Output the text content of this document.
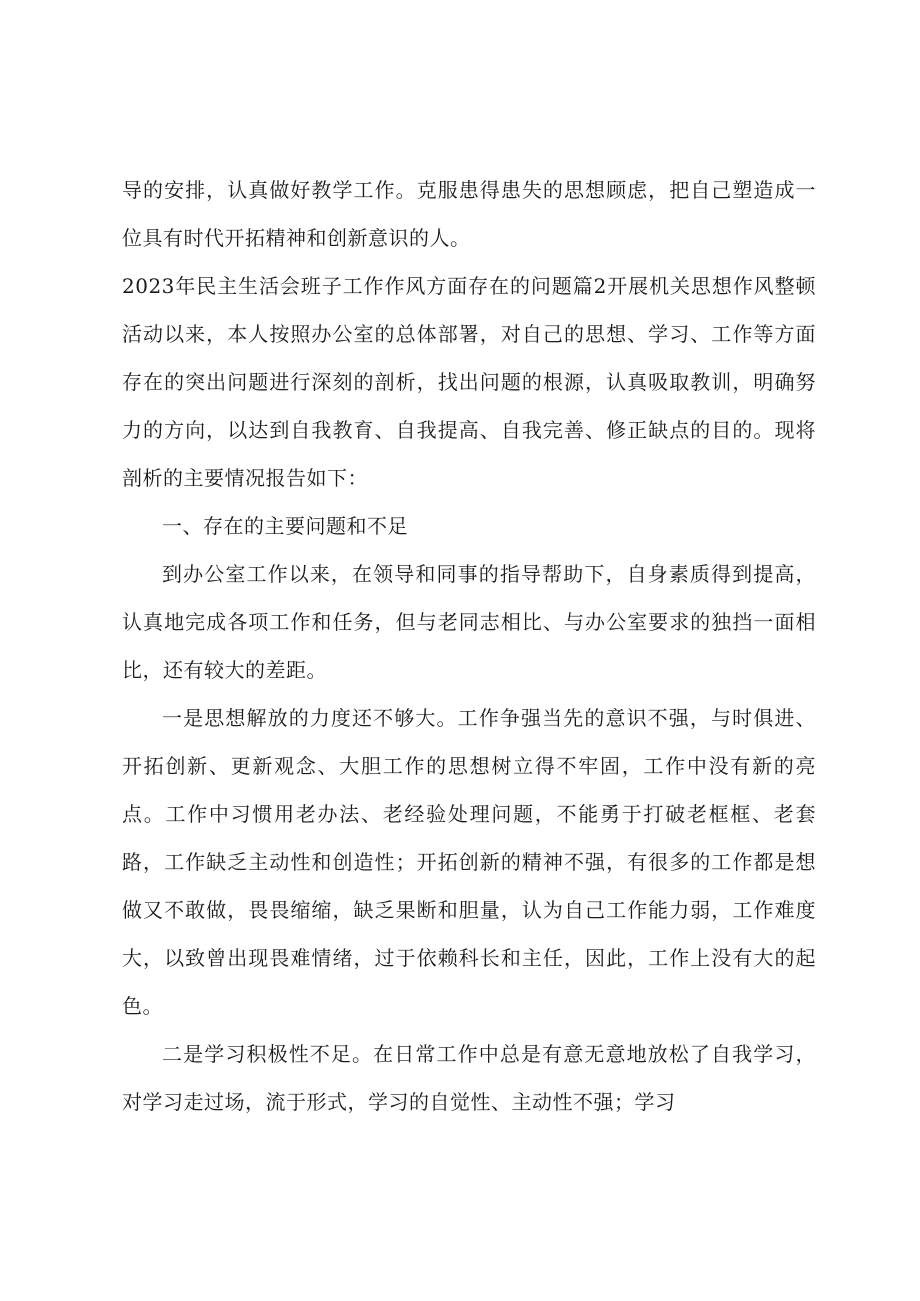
导的安排，认真做好教学工作。克服患得患失的思想顾虑，把自己塑造成一位具有时代开拓精神和创新意识的人。

2023年民主生活会班子工作作风方面存在的问题篇2开展机关思想作风整顿活动以来，本人按照办公室的总体部署，对自己的思想、学习、工作等方面存在的突出问题进行深刻的剖析，找出问题的根源，认真吸取教训，明确努力的方向，以达到自我教育、自我提高、自我完善、修正缺点的目的。现将剖析的主要情况报告如下：

一、存在的主要问题和不足

到办公室工作以来，在领导和同事的指导帮助下，自身素质得到提高，认真地完成各项工作和任务，但与老同志相比、与办公室要求的独挡一面相比，还有较大的差距。

一是思想解放的力度还不够大。工作争强当先的意识不强，与时俱进、开拓创新、更新观念、大胆工作的思想树立得不牢固，工作中没有新的亮点。工作中习惯用老办法、老经验处理问题，不能勇于打破老框框、老套路，工作缺乏主动性和创造性；开拓创新的精神不强，有很多的工作都是想做又不敢做，畏畏缩缩，缺乏果断和胆量，认为自己工作能力弱，工作难度大，以致曾出现畏难情绪，过于依赖科长和主任，因此，工作上没有大的起色。

二是学习积极性不足。在日常工作中总是有意无意地放松了自我学习，对学习走过场，流于形式，学习的自觉性、主动性不强；学习
